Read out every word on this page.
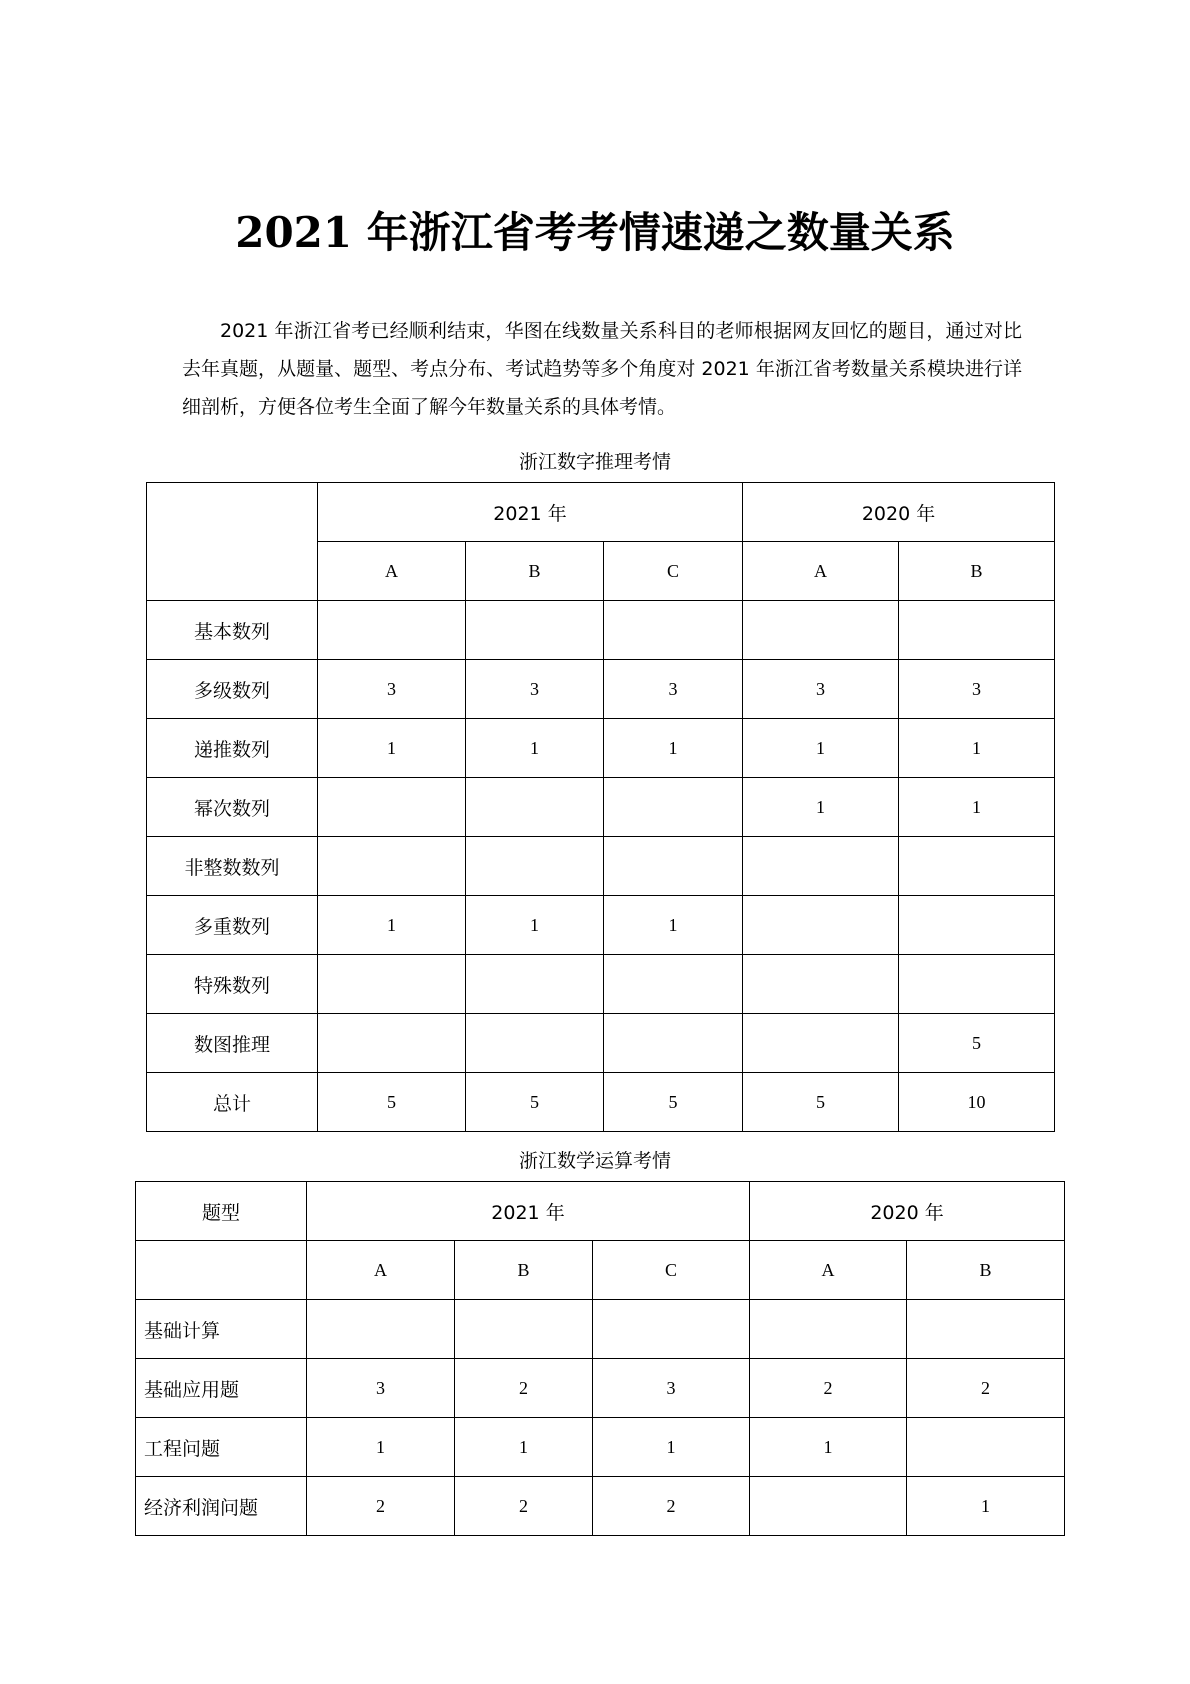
2021 年浙江省考考情速递之数量关系

2021 年浙江省考已经顺利结束，华图在线数量关系科目的老师根据网友回忆的题目，通过对比去年真题，从题量、题型、考点分布、考试趋势等多个角度对 2021 年浙江省考数量关系模块进行详细剖析，方便各位考生全面了解今年数量关系的具体考情。

浙江数字推理考情

	2021 年			2020 年	
	A	B	C	A	B
基本数列					
多级数列	3	3	3	3	3
递推数列	1	1	1	1	1
幂次数列				1	1
非整数数列					
多重数列	1	1	1		
特殊数列					
数图推理					5
总计	5	5	5	5	10

浙江数学运算考情

题型	2021 年			2020 年	
	A	B	C	A	B
基础计算					
基础应用题	3	2	3	2	2
工程问题	1	1	1	1	
经济利润问题	2	2	2		1
